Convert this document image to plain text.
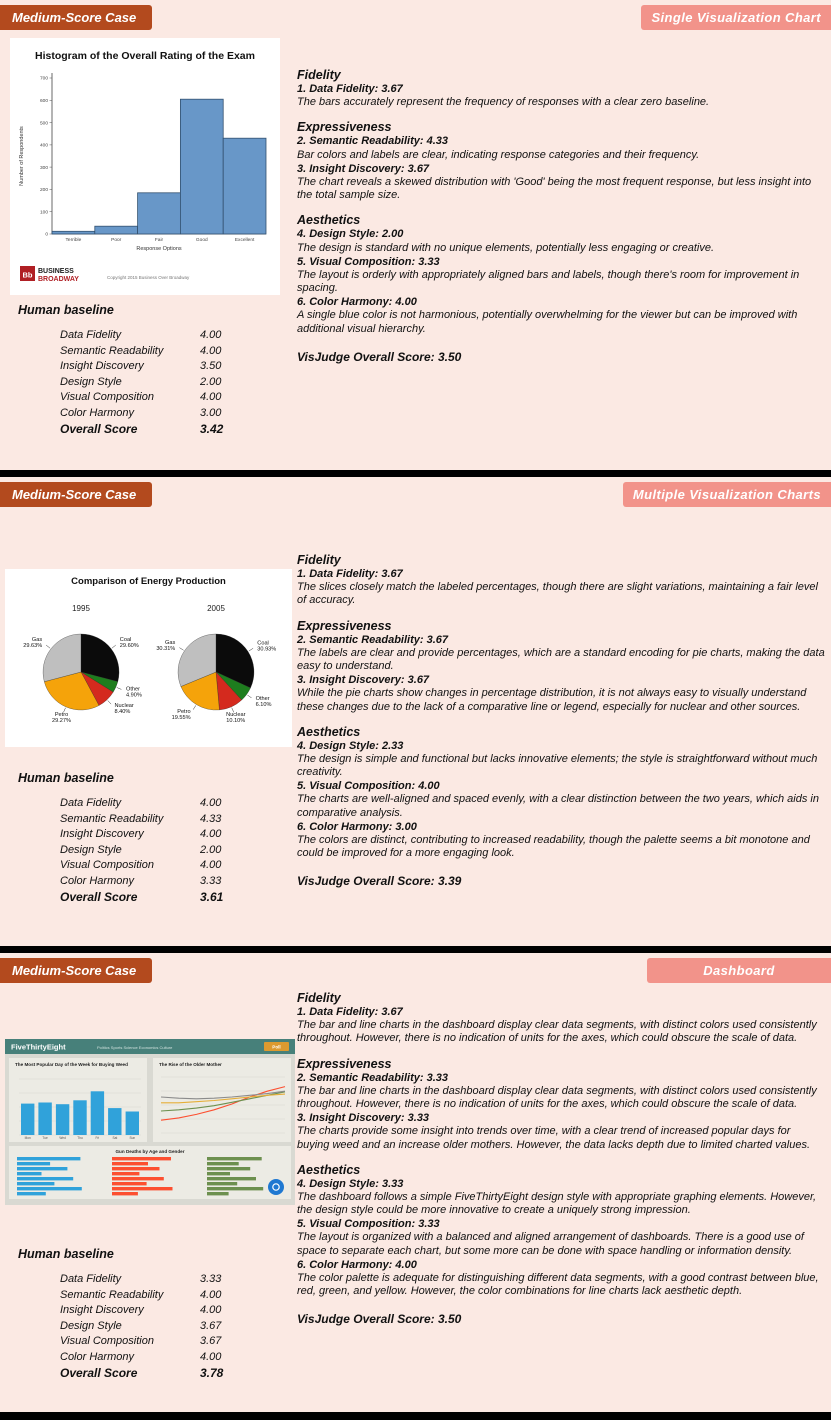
Medium-Score Case	Single Visualization Chart
Histogram of the Overall Rating of the Exam
0
100
200
300
400
500
600
700
Terrible	Poor	Fair	Good	Excellent
Response Options
Number of Respondents
Bb BUSINESS
BROADWAY	Copyright 2015 Business Over Broadway
Human baseline
Data Fidelity	4.00
Semantic Readability	4.00
Insight Discovery	3.50
Design Style	2.00
Visual Composition	4.00
Color Harmony	3.00
Overall Score	3.42
Fidelity
1. Data Fidelity: 3.67
The bars accurately represent the frequency of responses with a clear zero baseline.
Expressiveness
2. Semantic Readability: 4.33
Bar colors and labels are clear, indicating response categories and their frequency.
3. Insight Discovery: 3.67
The chart reveals a skewed distribution with 'Good' being the most frequent response, but less insight into the total sample size.
Aesthetics
4. Design Style: 2.00
The design is standard with no unique elements, potentially less engaging or creative.
5. Visual Composition: 3.33
The layout is orderly with appropriately aligned bars and labels, though there's room for improvement in spacing.
6. Color Harmony: 4.00
A single blue color is not harmonious, potentially overwhelming for the viewer but can be improved with additional visual hierarchy.
VisJudge Overall Score: 3.50
Medium-Score Case	Multiple Visualization Charts
Comparison of Energy Production
1995
Coal 29.60%
Other 4.90%
Nuclear 8.40%
Petro 29.27%
Gas 29.63%
2005
Coal 30.93%
Other 6.10%
Nuclear 10.10%
Petro 19.55%
Gas 30.31%
Human baseline
Data Fidelity	4.00
Semantic Readability	4.33
Insight Discovery	4.00
Design Style	2.00
Visual Composition	4.00
Color Harmony	3.33
Overall Score	3.61
Fidelity
1. Data Fidelity: 3.67
The slices closely match the labeled percentages, though there are slight variations, maintaining a fair level of accuracy.
Expressiveness
2. Semantic Readability: 3.67
The labels are clear and provide percentages, which are a standard encoding for pie charts, making the data easy to understand.
3. Insight Discovery: 3.67
While the pie charts show changes in percentage distribution, it is not always easy to visually understand these changes due to the lack of a comparative line or legend, especially for nuclear and other sources.
Aesthetics
4. Design Style: 2.33
The design is simple and functional but lacks innovative elements; the style is straightforward without much creativity.
5. Visual Composition: 4.00
The charts are well-aligned and spaced evenly, with a clear distinction between the two years, which aids in comparative analysis.
6. Color Harmony: 3.00
The colors are distinct, contributing to increased readability, though the palette seems a bit monotone and could be improved for a more engaging look.
VisJudge Overall Score: 3.39
Medium-Score Case	Dashboard
FiveThirtyEight	Politics Sports Science Economics Culture	Poll
The Most Popular Day of the Week for Buying Weed
Mon	Tue	Wed	Thu	Fri	Sat	Sun
The Rise of the Older Mother
Gun Deaths by Age and Gender
Human baseline
Data Fidelity	3.33
Semantic Readability	4.00
Insight Discovery	4.00
Design Style	3.67
Visual Composition	3.67
Color Harmony	4.00
Overall Score	3.78
Fidelity
1. Data Fidelity: 3.67
The bar and line charts in the dashboard display clear data segments, with distinct colors used consistently throughout. However, there is no indication of units for the axes, which could obscure the scale of data.
Expressiveness
2. Semantic Readability: 3.33
The bar and line charts in the dashboard display clear data segments, with distinct colors used consistently throughout. However, there is no indication of units for the axes, which could obscure the scale of data.
3. Insight Discovery: 3.33
The charts provide some insight into trends over time, with a clear trend of increased popular days for buying weed and an increase older mothers. However, the data lacks depth due to limited charted values.
Aesthetics
4. Design Style: 3.33
The dashboard follows a simple FiveThirtyEight design style with appropriate graphing elements. However, the design style could be more innovative to create a uniquely strong impression.
5. Visual Composition: 3.33
The layout is organized with a balanced and aligned arrangement of dashboards. There is a good use of space to separate each chart, but some more can be done with space handling or information density.
6. Color Harmony: 4.00
The color palette is adequate for distinguishing different data segments, with a good contrast between blue, red, green, and yellow. However, the color combinations for line charts lack aesthetic depth.
VisJudge Overall Score: 3.50
